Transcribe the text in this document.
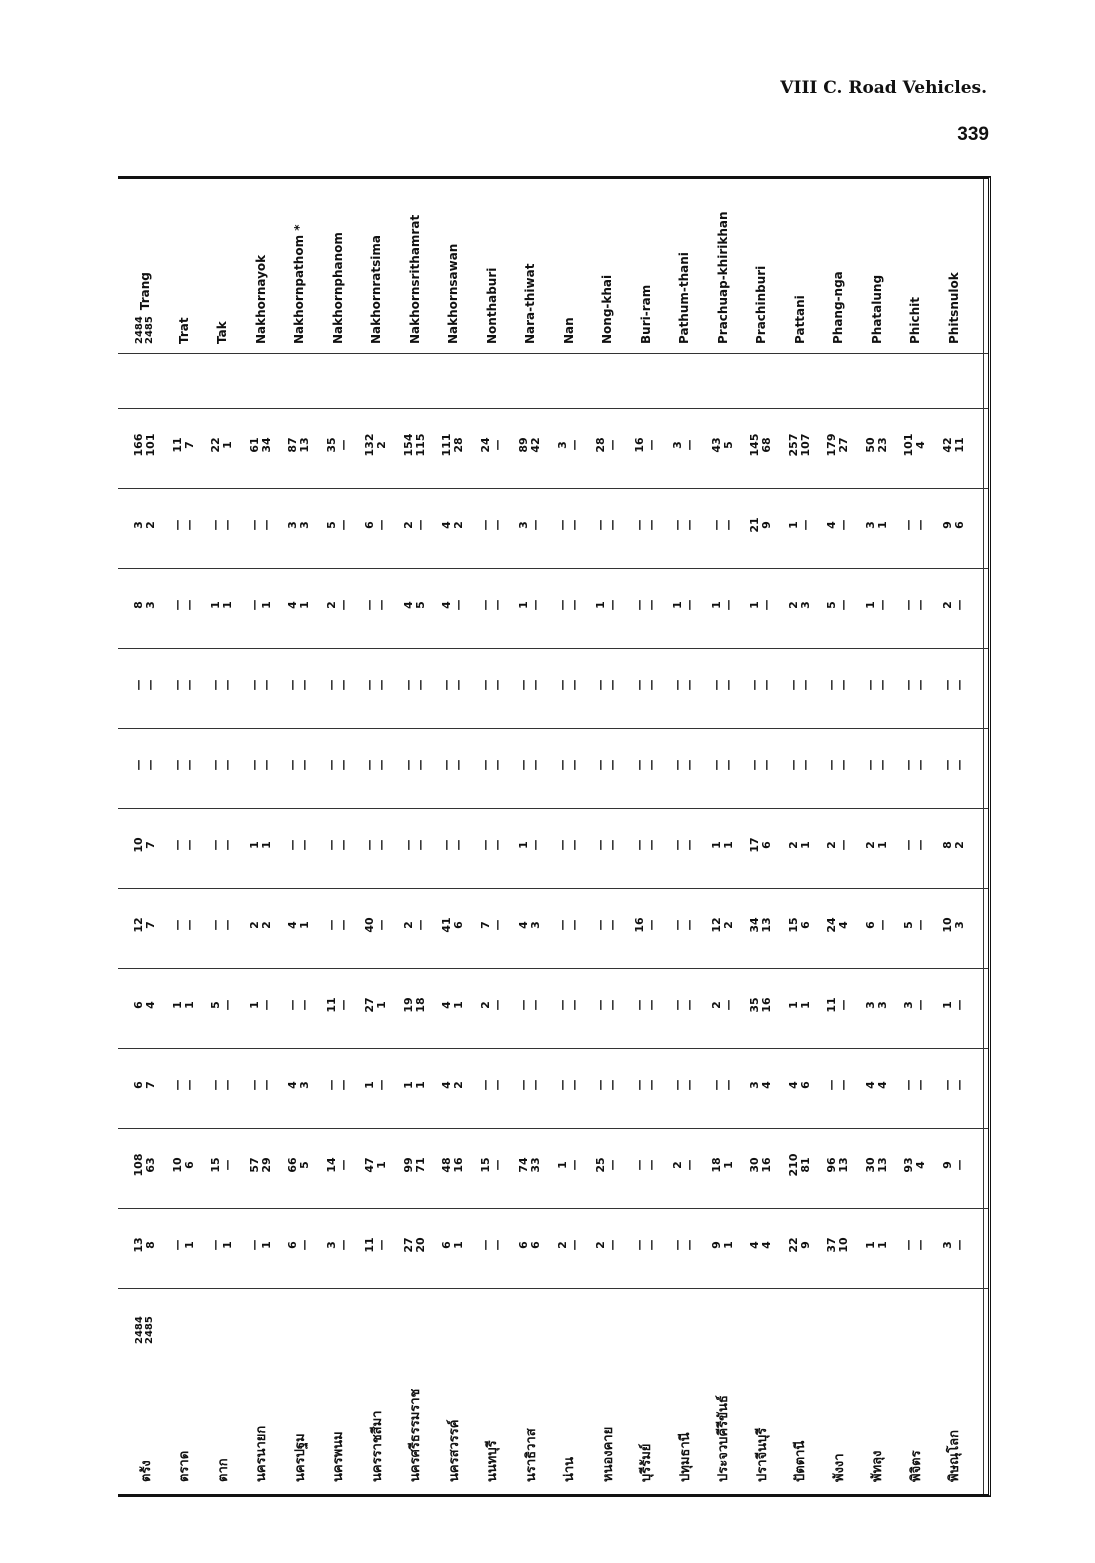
VIII C. Road Vehicles.
339
ตรัง
2484
2485
13
8
108
63
6
7
6
4
12
7
10
7
—
—
—
—
8
3
3
2
166
101
2484
2485
Trang
ตราด
—
1
10
6
—
—
1
1
—
—
—
—
—
—
—
—
—
—
—
—
11
7
Trat
ตาก
—
1
15
—
—
—
5
—
—
—
—
—
—
—
—
—
1
1
—
—
22
1
Tak
นครนายก
—
1
57
29
—
—
1
—
2
2
1
1
—
—
—
—
—
1
—
—
61
34
Nakhornayok
นครปฐม
6
—
66
5
4
3
—
—
4
1
—
—
—
—
—
—
4
1
3
3
87
13
Nakhornpathom *
นครพนม
3
—
14
—
—
—
11
—
—
—
—
—
—
—
—
—
2
—
5
—
35
—
Nakhornphanom
นครราชสีมา
11
—
47
1
1
—
27
1
40
—
—
—
—
—
—
—
—
—
6
—
132
2
Nakhornratsima
นครศรีธรรมราช
27
20
99
71
1
1
19
18
2
—
—
—
—
—
—
—
4
5
2
—
154
115
Nakhornsrithamrat
นครสวรรค์
6
1
48
16
4
2
4
1
41
6
—
—
—
—
—
—
4
—
4
2
111
28
Nakhornsawan
นนทบุรี
—
—
15
—
—
—
2
—
7
—
—
—
—
—
—
—
—
—
—
—
24
—
Nonthaburi
นราธิวาส
6
6
74
33
—
—
—
—
4
3
1
—
—
—
—
—
1
—
3
—
89
42
Nara-thiwat
น่าน
2
—
1
—
—
—
—
—
—
—
—
—
—
—
—
—
—
—
—
—
3
—
Nan
หนองคาย
2
—
25
—
—
—
—
—
—
—
—
—
—
—
—
—
1
—
—
—
28
—
Nong-khai
บุรีรัมย์
—
—
—
—
—
—
—
—
16
—
—
—
—
—
—
—
—
—
—
—
16
—
Buri-ram
ปทุมธานี
—
—
2
—
—
—
—
—
—
—
—
—
—
—
—
—
1
—
—
—
3
—
Pathum-thani
ประจวบคีรีขันธ์
9
1
18
1
—
—
2
—
12
2
1
1
—
—
—
—
1
—
—
—
43
5
Prachuap-khirikhan
ปราจีนบุรี
4
4
30
16
3
4
35
16
34
13
17
6
—
—
—
—
1
—
21
9
145
68
Prachinburi
ปัตตานี
22
9
210
81
4
6
1
1
15
6
2
1
—
—
—
—
2
3
1
—
257
107
Pattani
พังงา
37
10
96
13
—
—
11
—
24
4
2
—
—
—
—
—
5
—
4
—
179
27
Phang-nga
พัทลุง
1
1
30
13
4
4
3
3
6
—
2
1
—
—
—
—
1
—
3
1
50
23
Phatalung
พิจิตร
—
—
93
4
—
—
3
—
5
—
—
—
—
—
—
—
—
—
—
—
101
4
Phichit
พิษณุโลก
3
—
9
—
—
—
1
—
10
3
8
2
—
—
—
—
2
—
9
6
42
11
Phitsnulok
